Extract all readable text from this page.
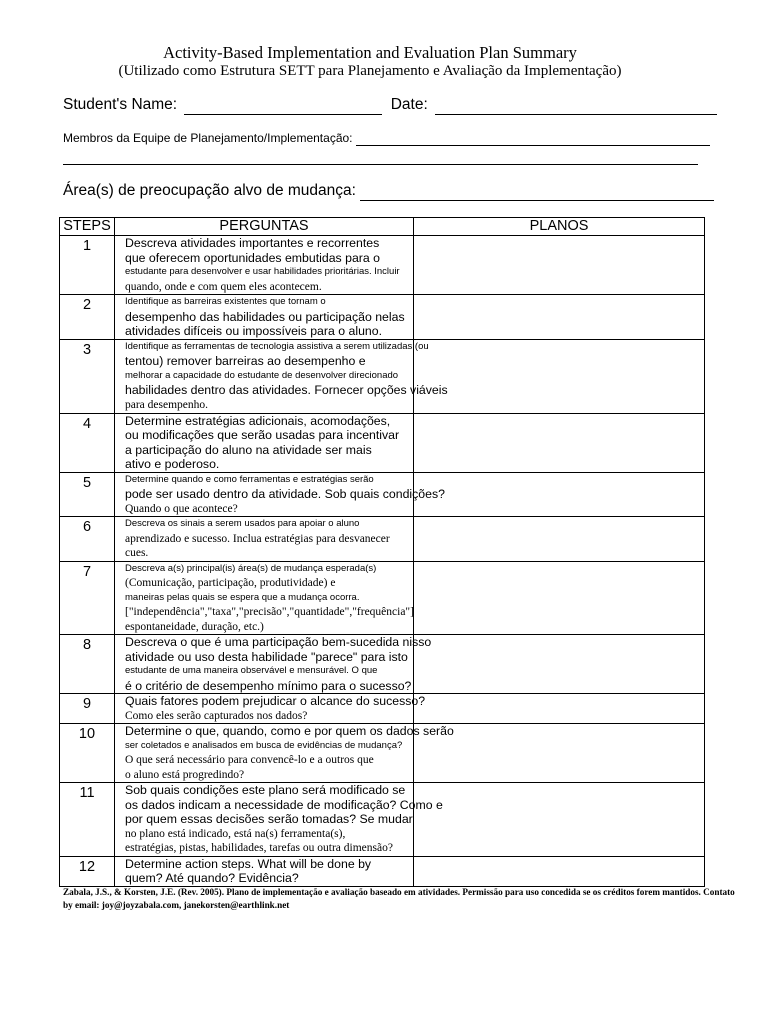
Activity-Based Implementation and Evaluation Plan Summary
(Utilizado como Estrutura SETT para Planejamento e Avaliação da Implementação)
Student's Name:	Date:
Membros da Equipe de Planejamento/Implementação:
Área(s) de preocupação alvo de mudança:
STEPS	PERGUNTAS	PLANOS
1	Descreva atividades importantes e recorrentes
que oferecem oportunidades embutidas para o
estudante para desenvolver e usar habilidades prioritárias. Incluir
quando, onde e com quem eles acontecem.	

2	Identifique as barreiras existentes que tornam o
desempenho das habilidades ou participação nelas
atividades difíceis ou impossíveis para o aluno.	

3	Identifique as ferramentas de tecnologia assistiva a serem utilizadas (ou
tentou) remover barreiras ao desempenho e
melhorar a capacidade do estudante de desenvolver direcionado
habilidades dentro das atividades. Fornecer opções viáveis
para desempenho.	

4	Determine estratégias adicionais, acomodações,
ou modificações que serão usadas para incentivar
a participação do aluno na atividade ser mais
ativo e poderoso.	

5	Determine quando e como ferramentas e estratégias serão
pode ser usado dentro da atividade. Sob quais condições?
Quando o que acontece?	

6	Descreva os sinais a serem usados para apoiar o aluno
aprendizado e sucesso. Inclua estratégias para desvanecer
cues.	

7	Descreva a(s) principal(is) área(s) de mudança esperada(s)
(Comunicação, participação, produtividade) e
maneiras pelas quais se espera que a mudança ocorra.
["independência","taxa","precisão","quantidade","frequência"]
espontaneidade, duração, etc.)	

8	Descreva o que é uma participação bem-sucedida nisso
atividade ou uso desta habilidade "parece" para isto
estudante de uma maneira observável e mensurável. O que
é o critério de desempenho mínimo para o sucesso?	

9	Quais fatores podem prejudicar o alcance do sucesso?
Como eles serão capturados nos dados?	

10	Determine o que, quando, como e por quem os dados serão
ser coletados e analisados em busca de evidências de mudança?
O que será necessário para convencê-lo e a outros que
o aluno está progredindo?	

11	Sob quais condições este plano será modificado se
os dados indicam a necessidade de modificação? Como e
por quem essas decisões serão tomadas? Se mudar
no plano está indicado, está na(s) ferramenta(s),
estratégias, pistas, habilidades, tarefas ou outra dimensão?	

12	Determine action steps. What will be done by
quem? Até quando? Evidência?	

Zabala, J.S., & Korsten, J.E. (Rev. 2005). Plano de implementação e avaliação baseado em atividades. Permissão para uso concedida se os créditos forem mantidos. Contato
by email: joy@joyzabala.com, janekorsten@earthlink.net
